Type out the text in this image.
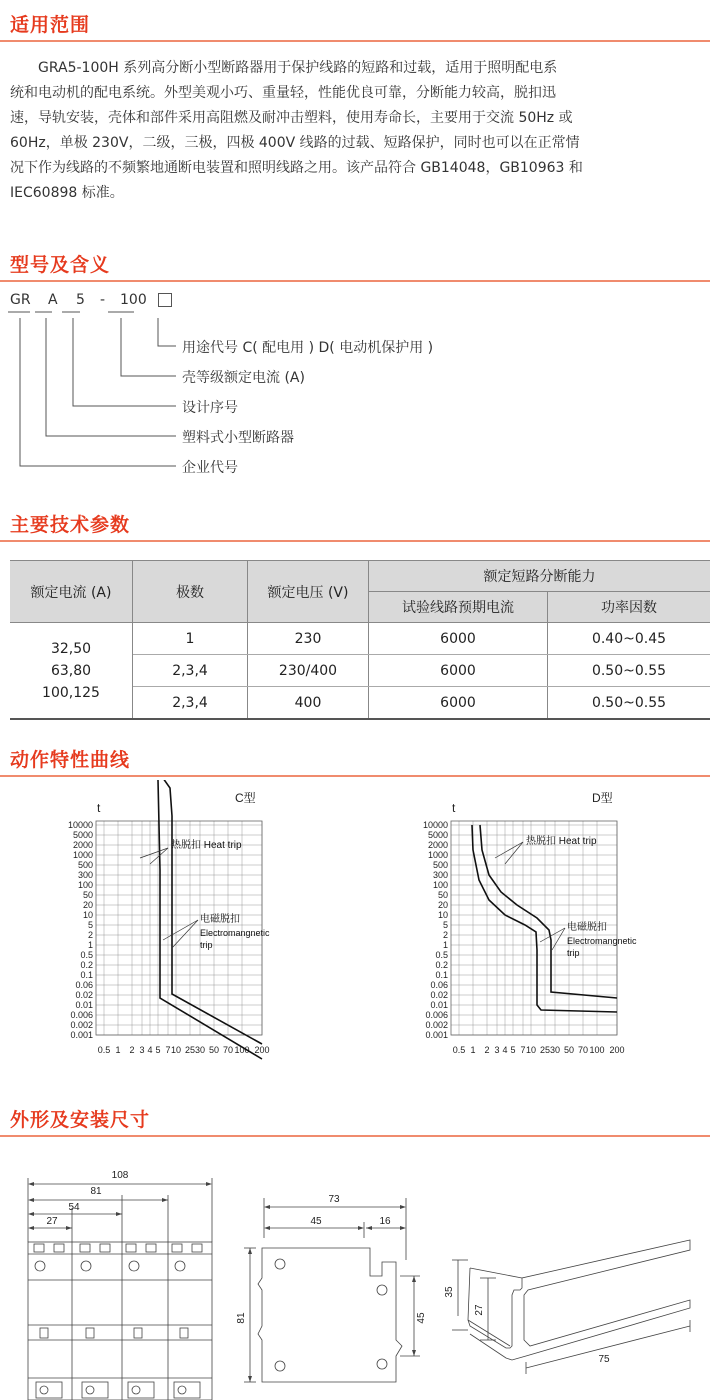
适用范围
GRA5-100H 系列高分断小型断路器用于保护线路的短路和过载，适用于照明配电系
统和电动机的配电系统。外型美观小巧、重量轻，性能优良可靠，分断能力较高，脱扣迅
速，导轨安装，壳体和部件采用高阻燃及耐冲击塑料，使用寿命长，主要用于交流 50Hz 或
60Hz，单极 230V，二级，三极，四极 400V 线路的过载、短路保护，同时也可以在正常情
况下作为线路的不频繁地通断电装置和照明线路之用。该产品符合 GB14048，GB10963 和
IEC60898 标准。
型号及含义
GR A 5 - 100
用途代号 C( 配电用 ) D( 电动机保护用 )
壳等级额定电流 (A)
设计序号
塑料式小型断路器
企业代号
主要技术参数
额定电流 (A)	极数	额定电压 (V)	额定短路分断能力	
			试验线路预期电流	功率因数

32,50
63,80
100,125	1	230	6000	0.40~0.45
	2,3,4	230/400	6000	0.50~0.55
	2,3,4	400	6000	0.50~0.55
动作特性曲线
t
C型
10000
5000
2000
1000
500
300
100
50
20
10
5
2
1
0.5
0.2
0.1
0.06
0.02
0.01
0.006
0.002
0.001
0.5 1 2 3 4 5 7 10 25 30 50 70 100 200
热脱扣 Heat trip
电磁脱扣
Electromangnetic
trip
t
D型
10000
5000
2000
1000
500
300
100
50
20
10
5
2
1
0.5
0.2
0.1
0.06
0.02
0.01
0.006
0.002
0.001
0.5 1 2 3 4 5 7 10 25 30 50 70 100 200
热脱扣 Heat trip
电磁脱扣
Electromangnetic
trip
外形及安装尺寸
108
81
54
27
73
45	16
81	45
35
27
75
